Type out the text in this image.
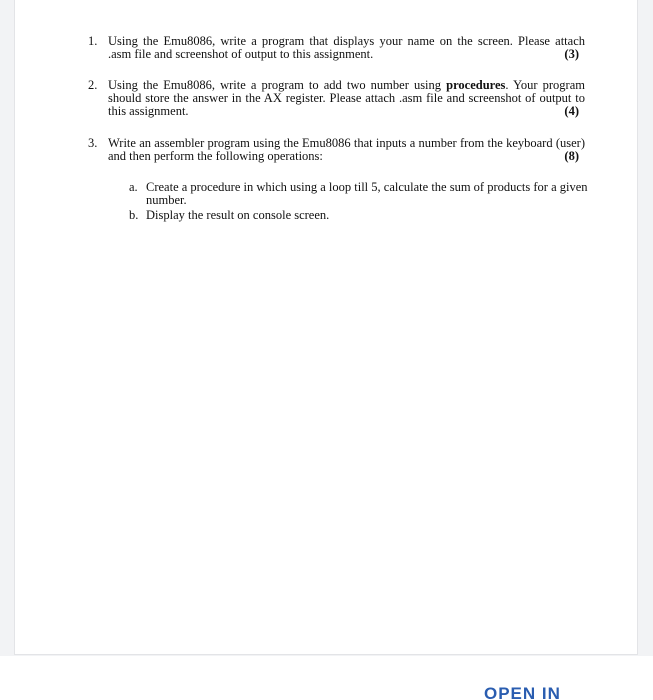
1. Using the Emu8086, write a program that displays your name on the screen. Please attach
.asm file and screenshot of output to this assignment.	(3)
2. Using the Emu8086, write a program to add two number using procedures. Your program
should store the answer in the AX register. Please attach .asm file and screenshot of output to
this assignment.	(4)
3. Write an assembler program using the Emu8086 that inputs a number from the keyboard (user)
and then perform the following operations:	(8)
a. Create a procedure in which using a loop till 5, calculate the sum of products for a given
number.
b. Display the result on console screen.
OPEN IN
